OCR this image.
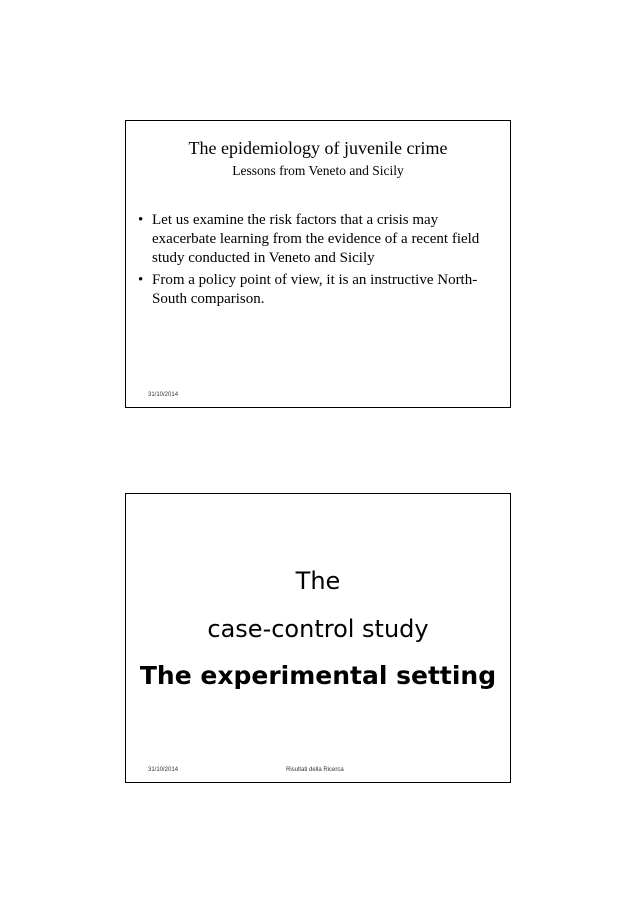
The epidemiology of juvenile crime
Lessons from Veneto and Sicily
• Let us examine the risk factors that a crisis may exacerbate learning from the evidence of a recent field study conducted in Veneto and Sicily
• From a policy point of view, it is an instructive North-South comparison.
31/10/2014
The
case-control study
The experimental setting
31/10/2014	Risultati della Ricerca
